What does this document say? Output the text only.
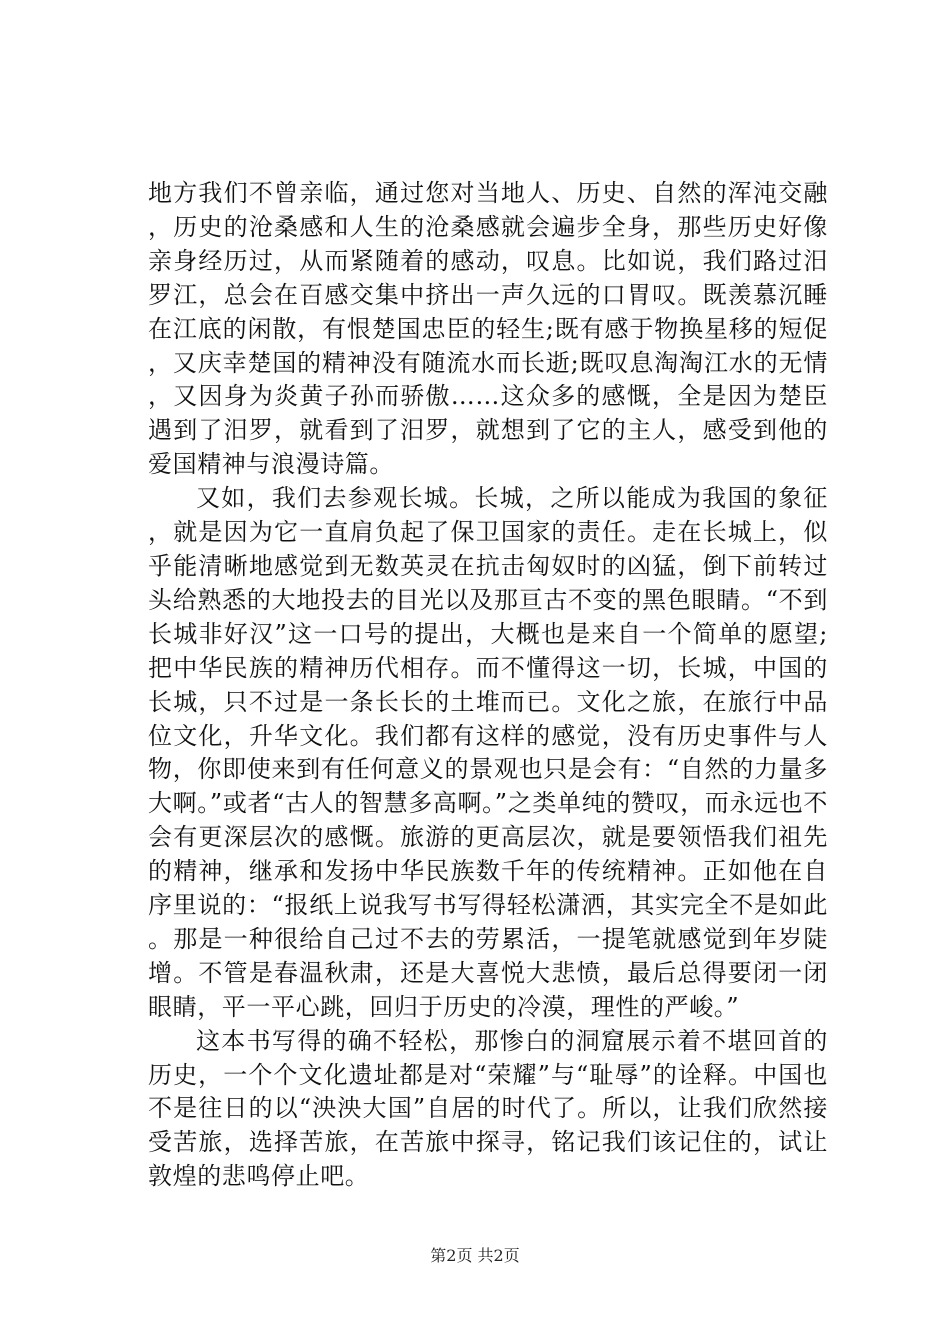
地方我们不曾亲临，通过您对当地人、历史、自然的浑沌交融，历史的沧桑感和人生的沧桑感就会遍步全身，那些历史好像亲身经历过，从而紧随着的感动，叹息。比如说，我们路过汨罗江，总会在百感交集中挤出一声久远的口胃叹。既羡慕沉睡在江底的闲散，有恨楚国忠臣的轻生;既有感于物换星移的短促，又庆幸楚国的精神没有随流水而长逝;既叹息淘淘江水的无情，又因身为炎黄子孙而骄傲……这众多的感慨，全是因为楚臣遇到了汨罗，就看到了汨罗，就想到了它的主人，感受到他的爱国精神与浪漫诗篇。

又如，我们去参观长城。长城，之所以能成为我国的象征，就是因为它一直肩负起了保卫国家的责任。走在长城上，似乎能清晰地感觉到无数英灵在抗击匈奴时的凶猛，倒下前转过头给熟悉的大地投去的目光以及那亘古不变的黑色眼睛。“不到长城非好汉”这一口号的提出，大概也是来自一个简单的愿望;把中华民族的精神历代相存。而不懂得这一切，长城，中国的长城，只不过是一条长长的土堆而已。文化之旅，在旅行中品位文化，升华文化。我们都有这样的感觉，没有历史事件与人物，你即使来到有任何意义的景观也只是会有：“自然的力量多大啊。”或者“古人的智慧多高啊。”之类单纯的赞叹，而永远也不会有更深层次的感慨。旅游的更高层次，就是要领悟我们祖先的精神，继承和发扬中华民族数千年的传统精神。正如他在自序里说的：“报纸上说我写书写得轻松潇洒，其实完全不是如此。那是一种很给自己过不去的劳累活，一提笔就感觉到年岁陡增。不管是春温秋肃，还是大喜悦大悲愤，最后总得要闭一闭眼睛，平一平心跳，回归于历史的冷漠，理性的严峻。”

这本书写得的确不轻松，那惨白的洞窟展示着不堪回首的历史，一个个文化遗址都是对“荣耀”与“耻辱”的诠释。中国也不是往日的以“泱泱大国”自居的时代了。所以，让我们欣然接受苦旅，选择苦旅，在苦旅中探寻，铭记我们该记住的，试让敦煌的悲鸣停止吧。

第2页 共2页
